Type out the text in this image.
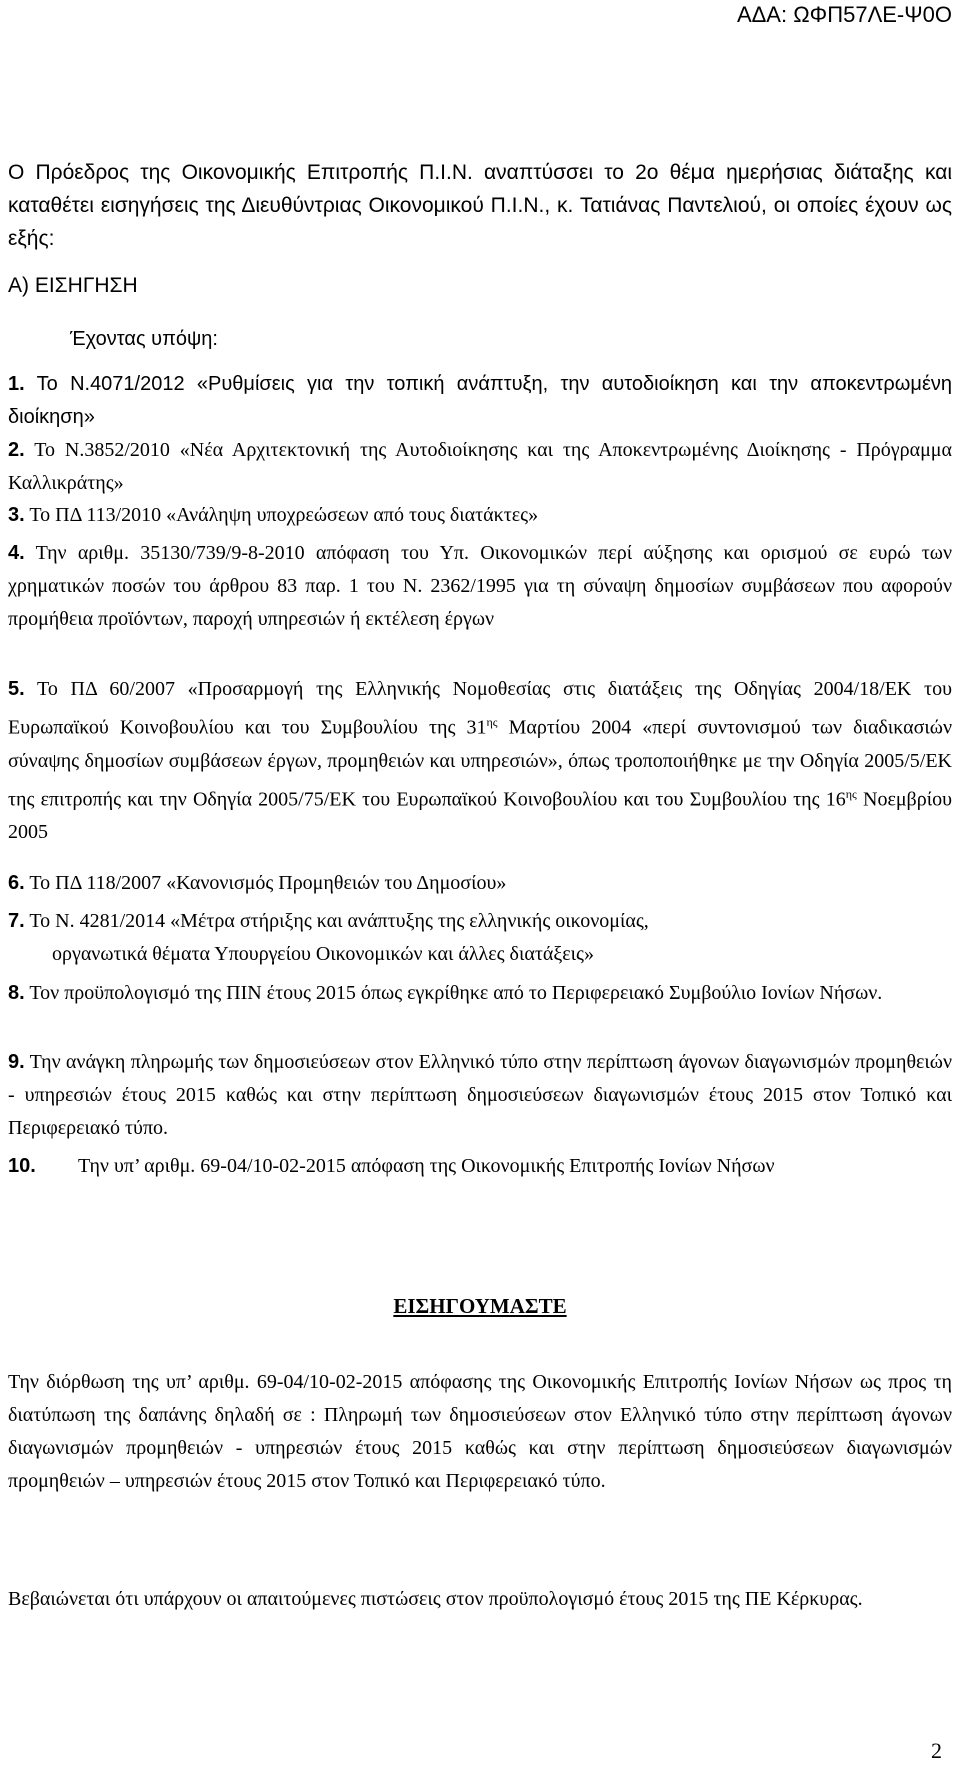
ΑΔΑ: ΩΦΠ57ΛΕ-Ψ0Ο
Ο Πρόεδρος της Οικονομικής Επιτροπής Π.Ι.Ν. αναπτύσσει το 2ο θέμα ημερήσιας διάταξης και καταθέτει εισηγήσεις της Διευθύντριας Οικονομικού Π.Ι.Ν., κ. Τατιάνας Παντελιού, οι οποίες έχουν ως εξής:
Α) ΕΙΣΗΓΗΣΗ
Έχοντας υπόψη:
1. Το Ν.4071/2012 «Ρυθμίσεις για την τοπική ανάπτυξη, την αυτοδιοίκηση και την αποκεντρωμένη διοίκηση»
2. Το Ν.3852/2010 «Νέα Αρχιτεκτονική της Αυτοδιοίκησης και της Αποκεντρωμένης Διοίκησης - Πρόγραμμα Καλλικράτης»
3. Το ΠΔ 113/2010 «Ανάληψη υποχρεώσεων από τους διατάκτες»
4. Την αριθμ. 35130/739/9-8-2010 απόφαση του Υπ. Οικονομικών περί αύξησης και ορισμού σε ευρώ των χρηματικών ποσών του άρθρου 83 παρ. 1 του Ν. 2362/1995 για τη σύναψη δημοσίων συμβάσεων που αφορούν προμήθεια προϊόντων, παροχή υπηρεσιών ή εκτέλεση έργων
5. Το ΠΔ 60/2007 «Προσαρμογή της Ελληνικής Νομοθεσίας στις διατάξεις της Οδηγίας 2004/18/ΕΚ του Ευρωπαϊκού Κοινοβουλίου και του Συμβουλίου της $31^{\eta\varsigma}$ Μαρτίου 2004 «περί συντονισμού των διαδικασιών σύναψης δημοσίων συμβάσεων έργων, προμηθειών και υπηρεσιών», όπως τροποποιήθηκε με την Οδηγία 2005/5/ΕΚ της επιτροπής και την Οδηγία 2005/75/ΕΚ του Ευρωπαϊκού Κοινοβουλίου και του Συμβουλίου της $16^{\eta\varsigma}$ Νοεμβρίου 2005
6. Το ΠΔ 118/2007 «Κανονισμός Προμηθειών του Δημοσίου»
7. Το Ν. 4281/2014 «Μέτρα στήριξης και ανάπτυξης της ελληνικής οικονομίας,
οργανωτικά θέματα Υπουργείου Οικονομικών και άλλες διατάξεις»
8. Τον προϋπολογισμό της ΠΙΝ έτους 2015 όπως εγκρίθηκε από το Περιφερειακό Συμβούλιο Ιονίων Νήσων.
9. Την ανάγκη πληρωμής των δημοσιεύσεων στον Ελληνικό τύπο στην περίπτωση άγονων διαγωνισμών προμηθειών - υπηρεσιών έτους 2015 καθώς και στην περίπτωση δημοσιεύσεων διαγωνισμών έτους 2015 στον Τοπικό και Περιφερειακό τύπο.
10. Την υπ’ αριθμ. 69-04/10-02-2015 απόφαση της Οικονομικής Επιτροπής Ιονίων Νήσων
ΕΙΣΗΓΟΥΜΑΣΤΕ
Την διόρθωση της υπ’ αριθμ. 69-04/10-02-2015 απόφασης της Οικονομικής Επιτροπής Ιονίων Νήσων ως προς τη διατύπωση της δαπάνης δηλαδή σε : Πληρωμή των δημοσιεύσεων στον Ελληνικό τύπο στην περίπτωση άγονων διαγωνισμών προμηθειών - υπηρεσιών έτους 2015 καθώς και στην περίπτωση δημοσιεύσεων διαγωνισμών προμηθειών – υπηρεσιών έτους 2015 στον Τοπικό και Περιφερειακό τύπο.
Βεβαιώνεται ότι υπάρχουν οι απαιτούμενες πιστώσεις στον προϋπολογισμό έτους 2015 της ΠΕ Κέρκυρας.
2
